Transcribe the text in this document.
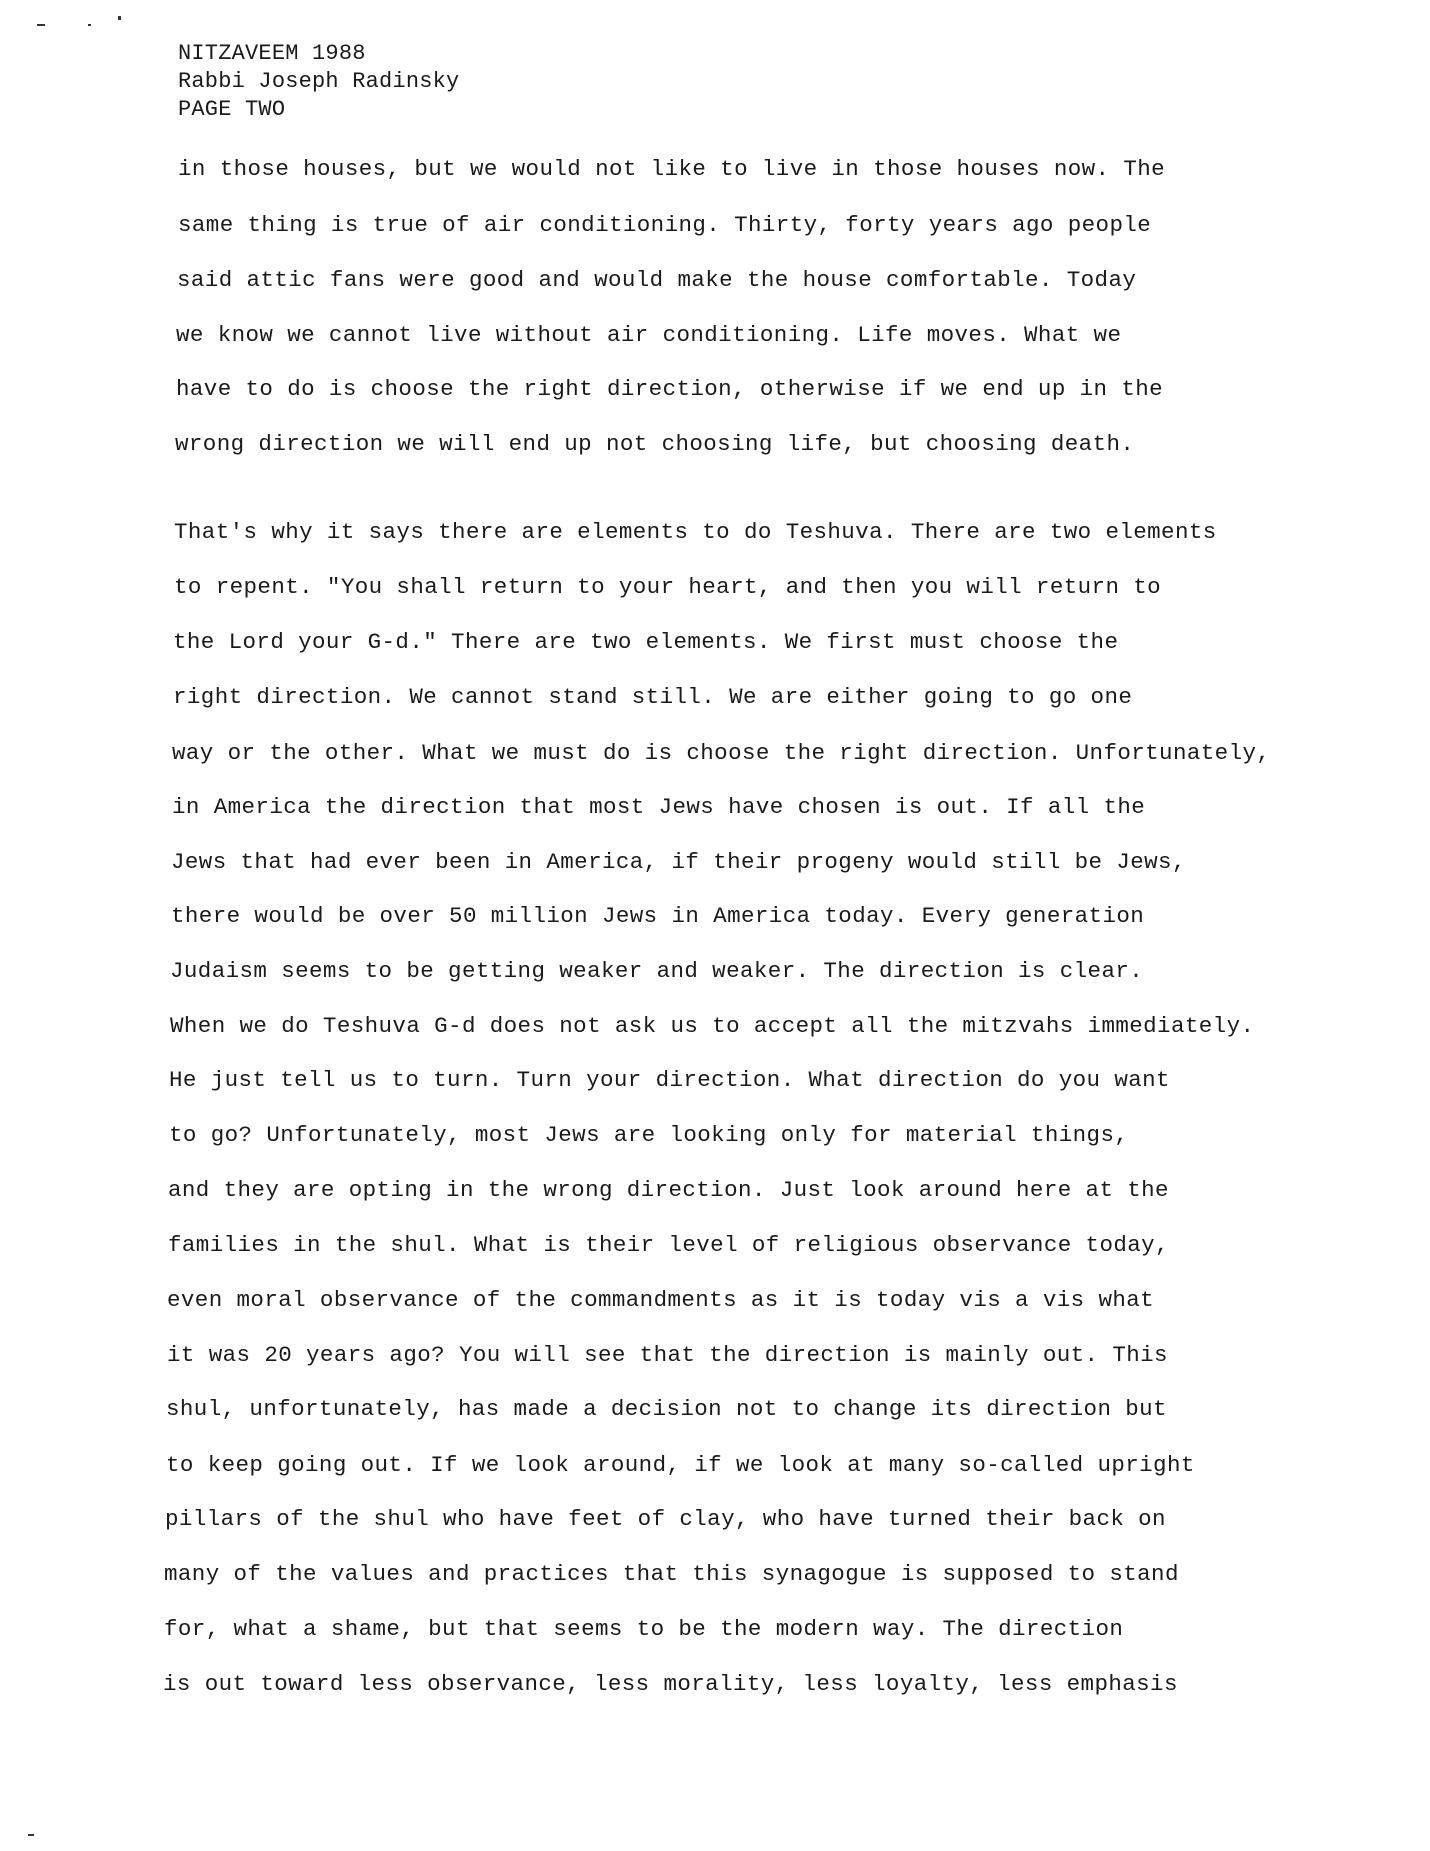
NITZAVEEM 1988
Rabbi Joseph Radinsky
PAGE TWO
in those houses, but we would not like to live in those houses now. The
same thing is true of air conditioning. Thirty, forty years ago people
said attic fans were good and would make the house comfortable. Today
we know we cannot live without air conditioning. Life moves. What we
have to do is choose the right direction, otherwise if we end up in the
wrong direction we will end up not choosing life, but choosing death.
That's why it says there are elements to do Teshuva. There are two elements
to repent. "You shall return to your heart, and then you will return to
the Lord your G-d." There are two elements. We first must choose the
right direction. We cannot stand still. We are either going to go one
way or the other. What we must do is choose the right direction. Unfortunately,
in America the direction that most Jews have chosen is out. If all the
Jews that had ever been in America, if their progeny would still be Jews,
there would be over 50 million Jews in America today. Every generation
Judaism seems to be getting weaker and weaker. The direction is clear.
When we do Teshuva G-d does not ask us to accept all the mitzvahs immediately.
He just tell us to turn. Turn your direction. What direction do you want
to go? Unfortunately, most Jews are looking only for material things,
and they are opting in the wrong direction. Just look around here at the
families in the shul. What is their level of religious observance today,
even moral observance of the commandments as it is today vis a vis what
it was 20 years ago? You will see that the direction is mainly out. This
shul, unfortunately, has made a decision not to change its direction but
to keep going out. If we look around, if we look at many so-called upright
pillars of the shul who have feet of clay, who have turned their back on
many of the values and practices that this synagogue is supposed to stand
for, what a shame, but that seems to be the modern way. The direction
is out toward less observance, less morality, less loyalty, less emphasis
